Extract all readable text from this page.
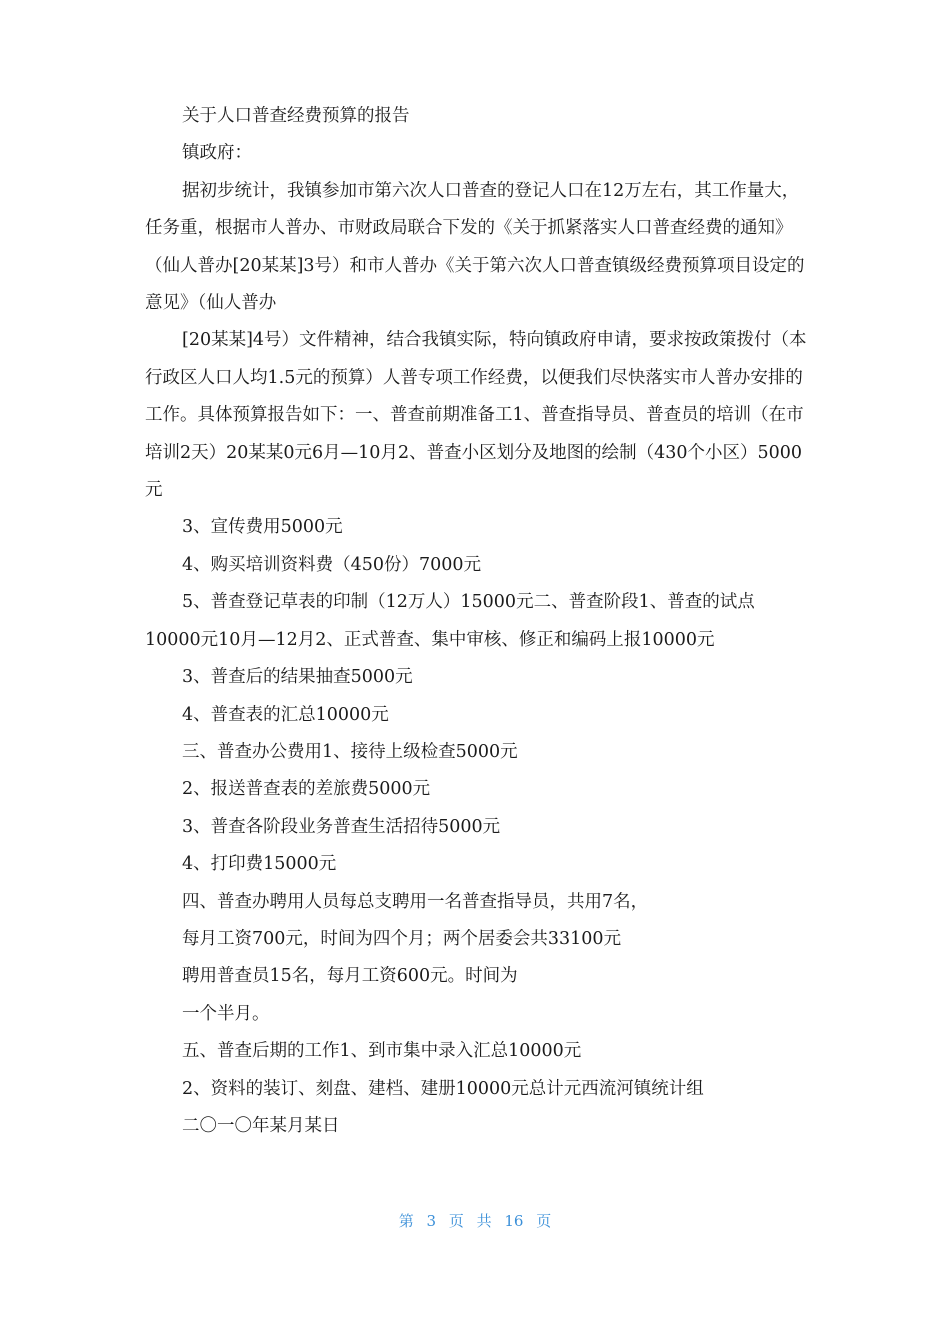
关于人口普查经费预算的报告

镇政府：

据初步统计，我镇参加市第六次人口普查的登记人口在12万左右，其工作量大，任务重，根据市人普办、市财政局联合下发的《关于抓紧落实人口普查经费的通知》（仙人普办[20某某]3号）和市人普办《关于第六次人口普查镇级经费预算项目设定的意见》（仙人普办

[20某某]4号）文件精神，结合我镇实际，特向镇政府申请，要求按政策拨付（本行政区人口人均1.5元的预算）人普专项工作经费，以便我们尽快落实市人普办安排的工作。具体预算报告如下：一、普查前期准备工1、普查指导员、普查员的培训（在市培训2天）20某某0元6月—10月2、普查小区划分及地图的绘制（430个小区）5000元

3、宣传费用5000元

4、购买培训资料费（450份）7000元

5、普查登记草表的印制（12万人）15000元二、普查阶段1、普查的试点10000元10月—12月2、正式普查、集中审核、修正和编码上报10000元

3、普查后的结果抽查5000元

4、普查表的汇总10000元

三、普查办公费用1、接待上级检查5000元

2、报送普查表的差旅费5000元

3、普查各阶段业务普查生活招待5000元

4、打印费15000元

四、普查办聘用人员每总支聘用一名普查指导员，共用7名，

每月工资700元，时间为四个月；两个居委会共33100元

聘用普查员15名，每月工资600元。时间为

一个半月。

五、普查后期的工作1、到市集中录入汇总10000元

2、资料的装订、刻盘、建档、建册10000元总计元西流河镇统计组

二〇一〇年某月某日

第 3 页 共 16 页
